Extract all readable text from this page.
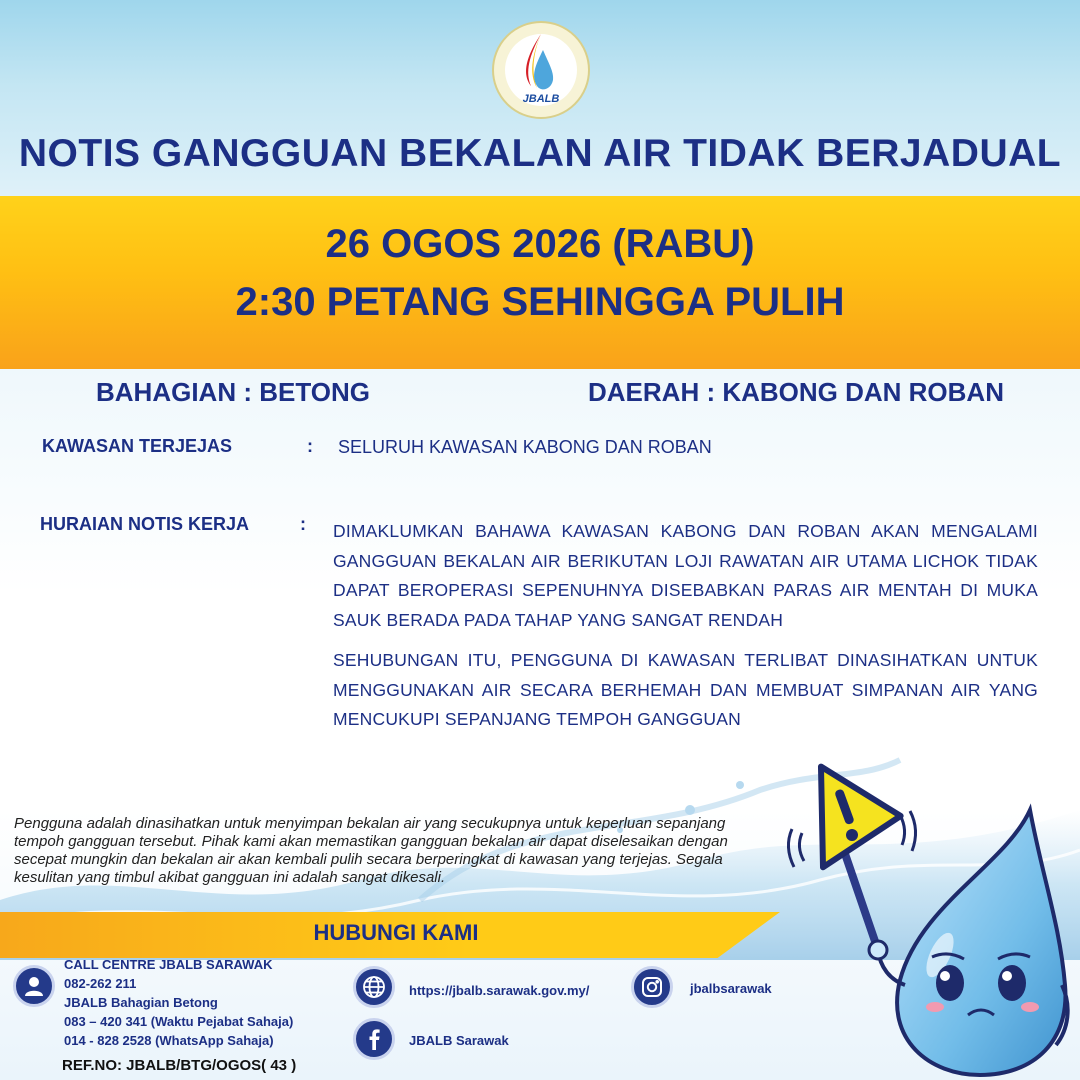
JBALB
NOTIS GANGGUAN BEKALAN AIR TIDAK BERJADUAL
26 OGOS 2026 (RABU)
2:30 PETANG SEHINGGA PULIH
BAHAGIAN : BETONG	DAERAH : KABONG DAN ROBAN
KAWASAN TERJEJAS	: SELURUH KAWASAN KABONG DAN ROBAN
HURAIAN NOTIS KERJA	: DIMAKLUMKAN BAHAWA KAWASAN KABONG DAN ROBAN AKAN MENGALAMI GANGGUAN BEKALAN AIR BERIKUTAN LOJI RAWATAN AIR UTAMA LICHOK TIDAK DAPAT BEROPERASI SEPENUHNYA DISEBABKAN PARAS AIR MENTAH DI MUKA SAUK BERADA PADA TAHAP YANG SANGAT RENDAH
SEHUBUNGAN ITU, PENGGUNA DI KAWASAN TERLIBAT DINASIHATKAN UNTUK MENGGUNAKAN AIR SECARA BERHEMAH DAN MEMBUAT SIMPANAN AIR YANG MENCUKUPI SEPANJANG TEMPOH GANGGUAN
Pengguna adalah dinasihatkan untuk menyimpan bekalan air yang secukupnya untuk keperluan sepanjang tempoh gangguan tersebut. Pihak kami akan memastikan gangguan bekalan air dapat diselesaikan dengan secepat mungkin dan bekalan air akan kembali pulih secara berperingkat di kawasan yang terjejas. Segala kesulitan yang timbul akibat gangguan ini adalah sangat dikesali.
HUBUNGI KAMI
CALL CENTRE JBALB SARAWAK
082-262 211
JBALB Bahagian Betong
083 – 420 341 (Waktu Pejabat Sahaja)
014 - 828 2528 (WhatsApp Sahaja)
REF.NO: JBALB/BTG/OGOS( 43 )
https://jbalb.sarawak.gov.my/
JBALB Sarawak
jbalbsarawak
